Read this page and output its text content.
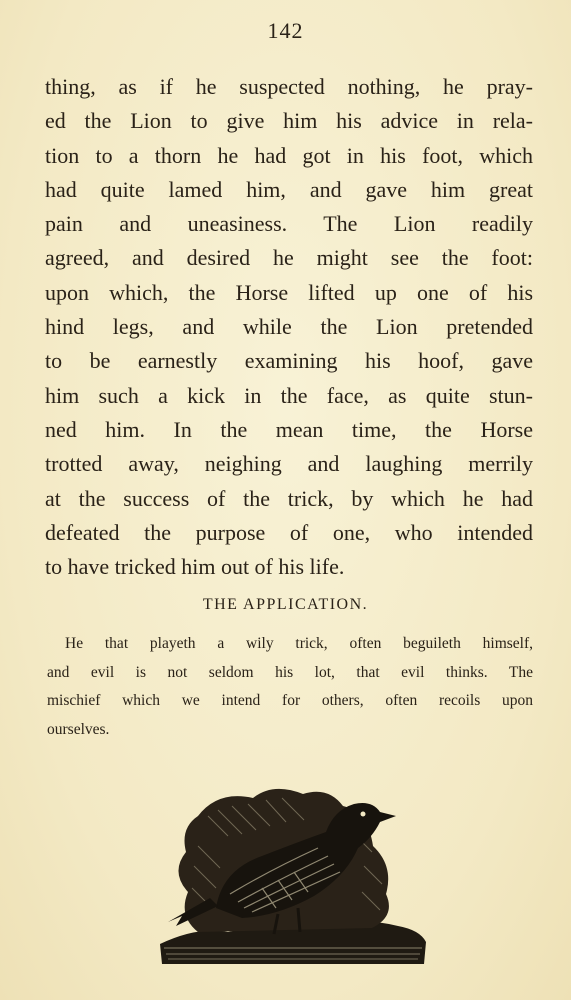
142
thing, as if he suspected nothing, he pray-
ed the Lion to give him his advice in rela-
tion to a thorn he had got in his foot, which
had quite lamed him, and gave him great
pain and uneasiness. The Lion readily
agreed, and desired he might see the foot:
upon which, the Horse lifted up one of his
hind legs, and while the Lion pretended
to be earnestly examining his hoof, gave
him such a kick in the face, as quite stun-
ned him. In the mean time, the Horse
trotted away, neighing and laughing merrily
at the success of the trick, by which he had
defeated the purpose of one, who intended
to have tricked him out of his life.
THE APPLICATION.
He that playeth a wily trick, often beguileth himself,
and evil is not seldom his lot, that evil thinks. The
mischief which we intend for others, often recoils upon
ourselves.
